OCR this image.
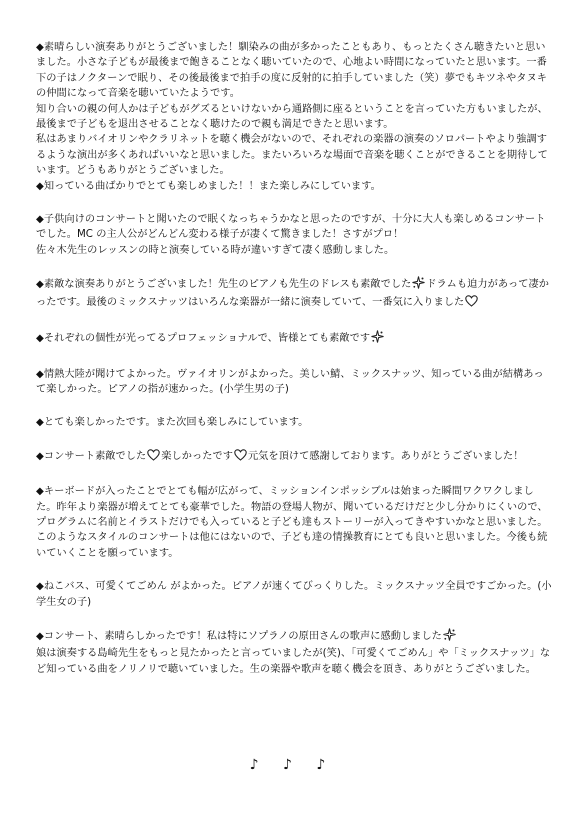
◆素晴らしい演奏ありがとうございました！馴染みの曲が多かったこともあり、もっとたくさん聴きたいと思いました。小さな子どもが最後まで飽きることなく聴いていたので、心地よい時間になっていたと思います。一番下の子はノクターンで眠り、その後最後まで拍手の度に反射的に拍手していました（笑）夢でもキツネやタヌキの仲間になって音楽を聴いていたようです。

知り合いの親の何人かは子どもがグズるといけないから通路側に座るということを言っていた方もいましたが、最後まで子どもを退出させることなく聴けたので親も満足できたと思います。

私はあまりバイオリンやクラリネットを聴く機会がないので、それぞれの楽器の演奏のソロパートやより強調するような演出が多くあればいいなと思いました。またいろいろな場面で音楽を聴くことができることを期待しています。どうもありがとうございました。

◆知っている曲ばかりでとても楽しめました！！また楽しみにしています。

◆子供向けのコンサートと聞いたので眠くなっちゃうかなと思ったのですが、十分に大人も楽しめるコンサートでした。MC の主人公がどんどん変わる様子が凄くて驚きました！さすがプロ！

佐々木先生のレッスンの時と演奏している時が違いすぎて凄く感動しました。

◆素敵な演奏ありがとうございました！先生のピアノも先生のドレスも素敵でした ドラムも迫力があって凄かったです。最後のミックスナッツはいろんな楽器が一緒に演奏していて、一番気に入りました

◆それぞれの個性が光ってるプロフェッショナルで、皆様とても素敵です

◆情熱大陸が聞けてよかった。ヴァイオリンがよかった。美しい鯖、ミックスナッツ、知っている曲が結構あって楽しかった。ピアノの指が速かった。(小学生男の子)

◆とても楽しかったです。また次回も楽しみにしています。

◆コンサート素敵でした 楽しかったです 元気を頂けて感謝しております。ありがとうございました！

◆キーボードが入ったことでとても幅が広がって、ミッションインポッシブルは始まった瞬間ワクワクしました。昨年より楽器が増えてとても豪華でした。物語の登場人物が、聞いているだけだと少し分かりにくいので、プログラムに名前とイラストだけでも入っていると子ども達もストーリーが入ってきやすいかなと思いました。このようなスタイルのコンサートは他にはないので、子ども達の情操教育にとても良いと思いました。今後も続いていくことを願っています。

◆ねこバス、可愛くてごめん がよかった。ピアノが速くてびっくりした。ミックスナッツ全員ですごかった。(小学生女の子)

◆コンサート、素晴らしかったです！私は特にソプラノの原田さんの歌声に感動しました

娘は演奏する島崎先生をもっと見たかったと言っていましたが(笑)、「可愛くてごめん」や「ミックスナッツ」など知っている曲をノリノリで聴いていました。生の楽器や歌声を聴く機会を頂き、ありがとうございました。

♪ ♪ ♪
